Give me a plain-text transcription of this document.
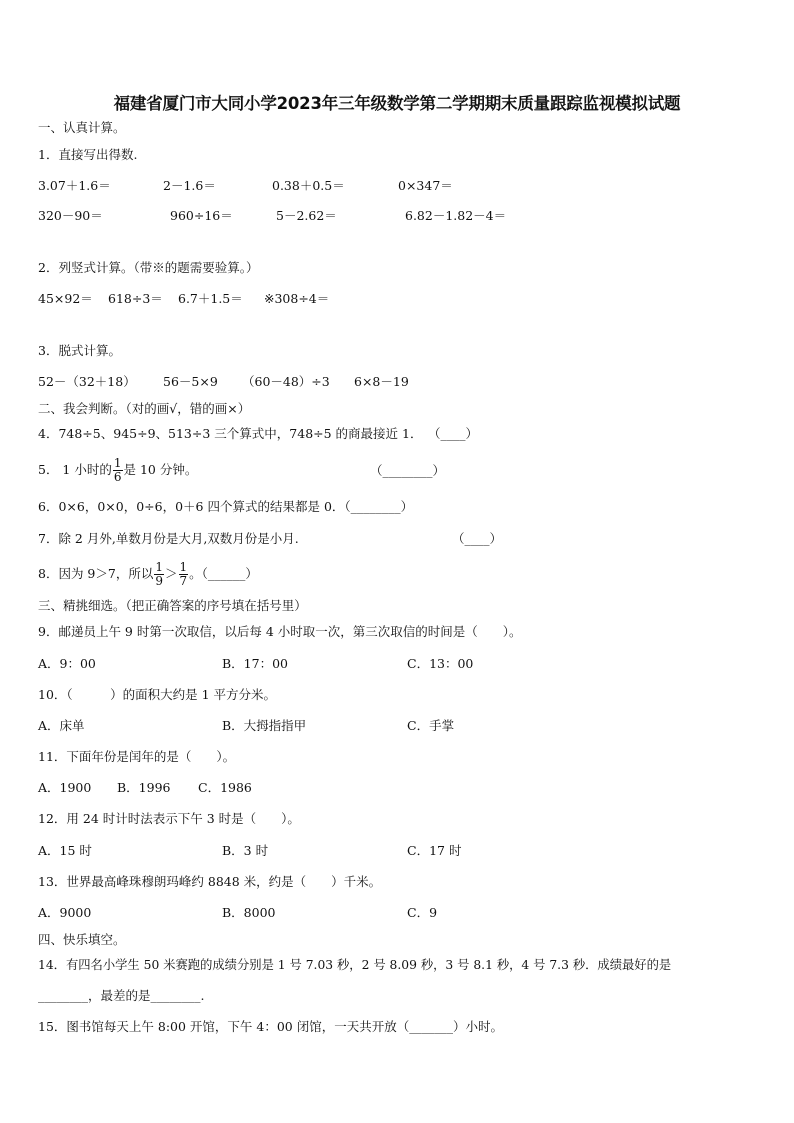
福建省厦门市大同小学2023年三年级数学第二学期期末质量跟踪监视模拟试题
一、认真计算。
1．直接写出得数.
3.07＋1.6＝	2－1.6＝	0.38＋0.5＝	0×347＝
320－90＝	960÷16＝	5－2.62＝	6.82－1.82－4＝
2．列竖式计算。（带※的题需要验算。）
45×92＝ 618÷3＝ 6.7＋1.5＝ ※308÷4＝
3．脱式计算。
52－（32＋18） 56－5×9 （60－48）÷3 6×8－19
二、我会判断。（对的画√，错的画×）
4．748÷5、945÷9、513÷3 三个算式中，748÷5 的商最接近 1． （____）
5． 1 小时的 $\frac{1}{6}$ 是 10 分钟。	（________）
6．0×6，0×0，0÷6，0＋6 四个算式的结果都是 0．（________）
7．除 2 月外,单数月份是大月,双数月份是小月.	（____）
8．因为 9＞7，所以 $\frac{1}{9} > \frac{1}{7}$ 。（______）
三、精挑细选。（把正确答案的序号填在括号里）
9．邮递员上午 9 时第一次取信，以后每 4 小时取一次，第三次取信的时间是（　　）。
A．9：00	B．17：00	C．13：00
10．（　　　）的面积大约是 1 平方分米。
A．床单	B．大拇指指甲	C．手掌
11．下面年份是闰年的是（　　）。
A．1900 B．1996 C．1986
12．用 24 时计时法表示下午 3 时是（　　）。
A．15 时	B．3 时	C．17 时
13．世界最高峰珠穆朗玛峰约 8848 米，约是（　　）千米。
A．9000	B．8000	C．9
四、快乐填空。
14．有四名小学生 50 米赛跑的成绩分别是 1 号 7.03 秒，2 号 8.09 秒，3 号 8.1 秒，4 号 7.3 秒．成绩最好的是
________，最差的是________.
15．图书馆每天上午 8:00 开馆，下午 4：00 闭馆，一天共开放（_______）小时。
